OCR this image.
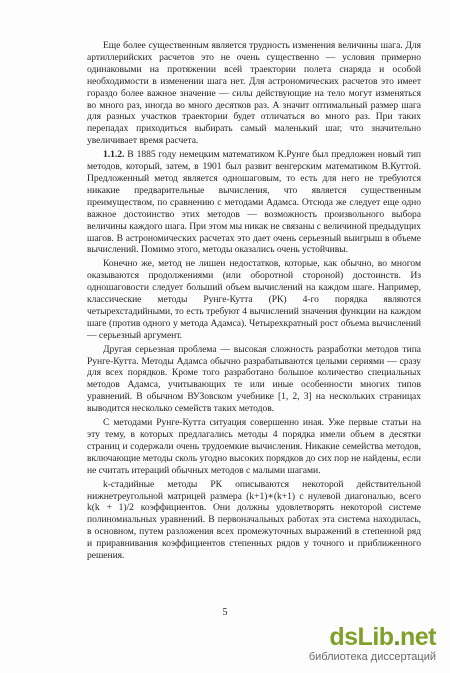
Еще более существенным является трудность изменения величины шага. Для артиллерийских расчетов это не очень существенно — условия примерно одинаковыми на протяжении всей траектории полета снаряда и особой необходимости в изменении шага нет. Для астрономических расчетов это имеет гораздо более важное значение — силы действующие на тело могут изменяться во много раз, иногда во много десятков раз. А значит оптимальный размер шага для разных участков траектории будет отличаться во много раз. При таких перепадах приходиться выбирать самый маленький шаг, что значительно увеличивает время расчета.

1.1.2. В 1885 году немецким математиком К.Рунге был предложен новый тип методов, который, затем, в 1901 был развит венгерским математиком В.Куттой. Предложенный метод является одношаговым, то есть для него не требуются никакие предварительные вычисления, что является существенным преимуществом, по сравнению с методами Адамса. Отсюда же следует еще одно важное достоинство этих методов — возможность произвольного выбора величины каждого шага. При этом мы никак не связаны с величиной предыдущих шагов. В астрономических расчетах это дает очень серьезный выигрыш в объеме вычислений. Помимо этого, методы оказались очень устойчивы.

Конечно же, метод не лишен недостатков, которые, как обычно, во многом оказываются продолжениями (или оборотной стороной) достоинств. Из одношаговости следует больший объем вычислений на каждом шаге. Например, классические методы Рунге-Кутта (РК) 4-го порядка являются четырехстадийными, то есть требуют 4 вычислений значения функции на каждом шаге (против одного у метода Адамса). Четырехкратный рост объема вычислений — серьезный аргумент.

Другая серьезная проблема — высокая сложность разработки методов типа Рунге-Кутта. Методы Адамса обычно разрабатываются целыми сериями — сразу для всех порядков. Кроме того разработано большое количество специальных методов Адамса, учитывающих те или иные особенности многих типов уравнений. В обычном ВУЗовском учебнике [1, 2, 3] на нескольких страницах выводится несколько семейств таких методов.

С методами Рунге-Кутта ситуация совершенно иная. Уже первые статьи на эту тему, в которых предлагались методы 4 порядка имели объем в десятки страниц и содержали очень трудоемкие вычисления. Никакие семейства методов, включающие методы сколь угодно высоких порядков до сих пор не найдены, если не считать итераций обычных методов с малыми шагами.

k-стадийные методы РК описываются некоторой действительной нижнетреугольной матрицей размера (k+1)∗(k+1) с нулевой диагональю, всего k(k + 1)/2 коэффициентов. Они должны удовлетворять некоторой системе полиномиальных уравнений. В первоначальных работах эта система находилась, в основном, путем разложения всех промежуточных выражений в степенной ряд и приравнивания коэффициентов степенных рядов у точного и приближенного решения.

5
dsLib.net
библиотека диссертаций
